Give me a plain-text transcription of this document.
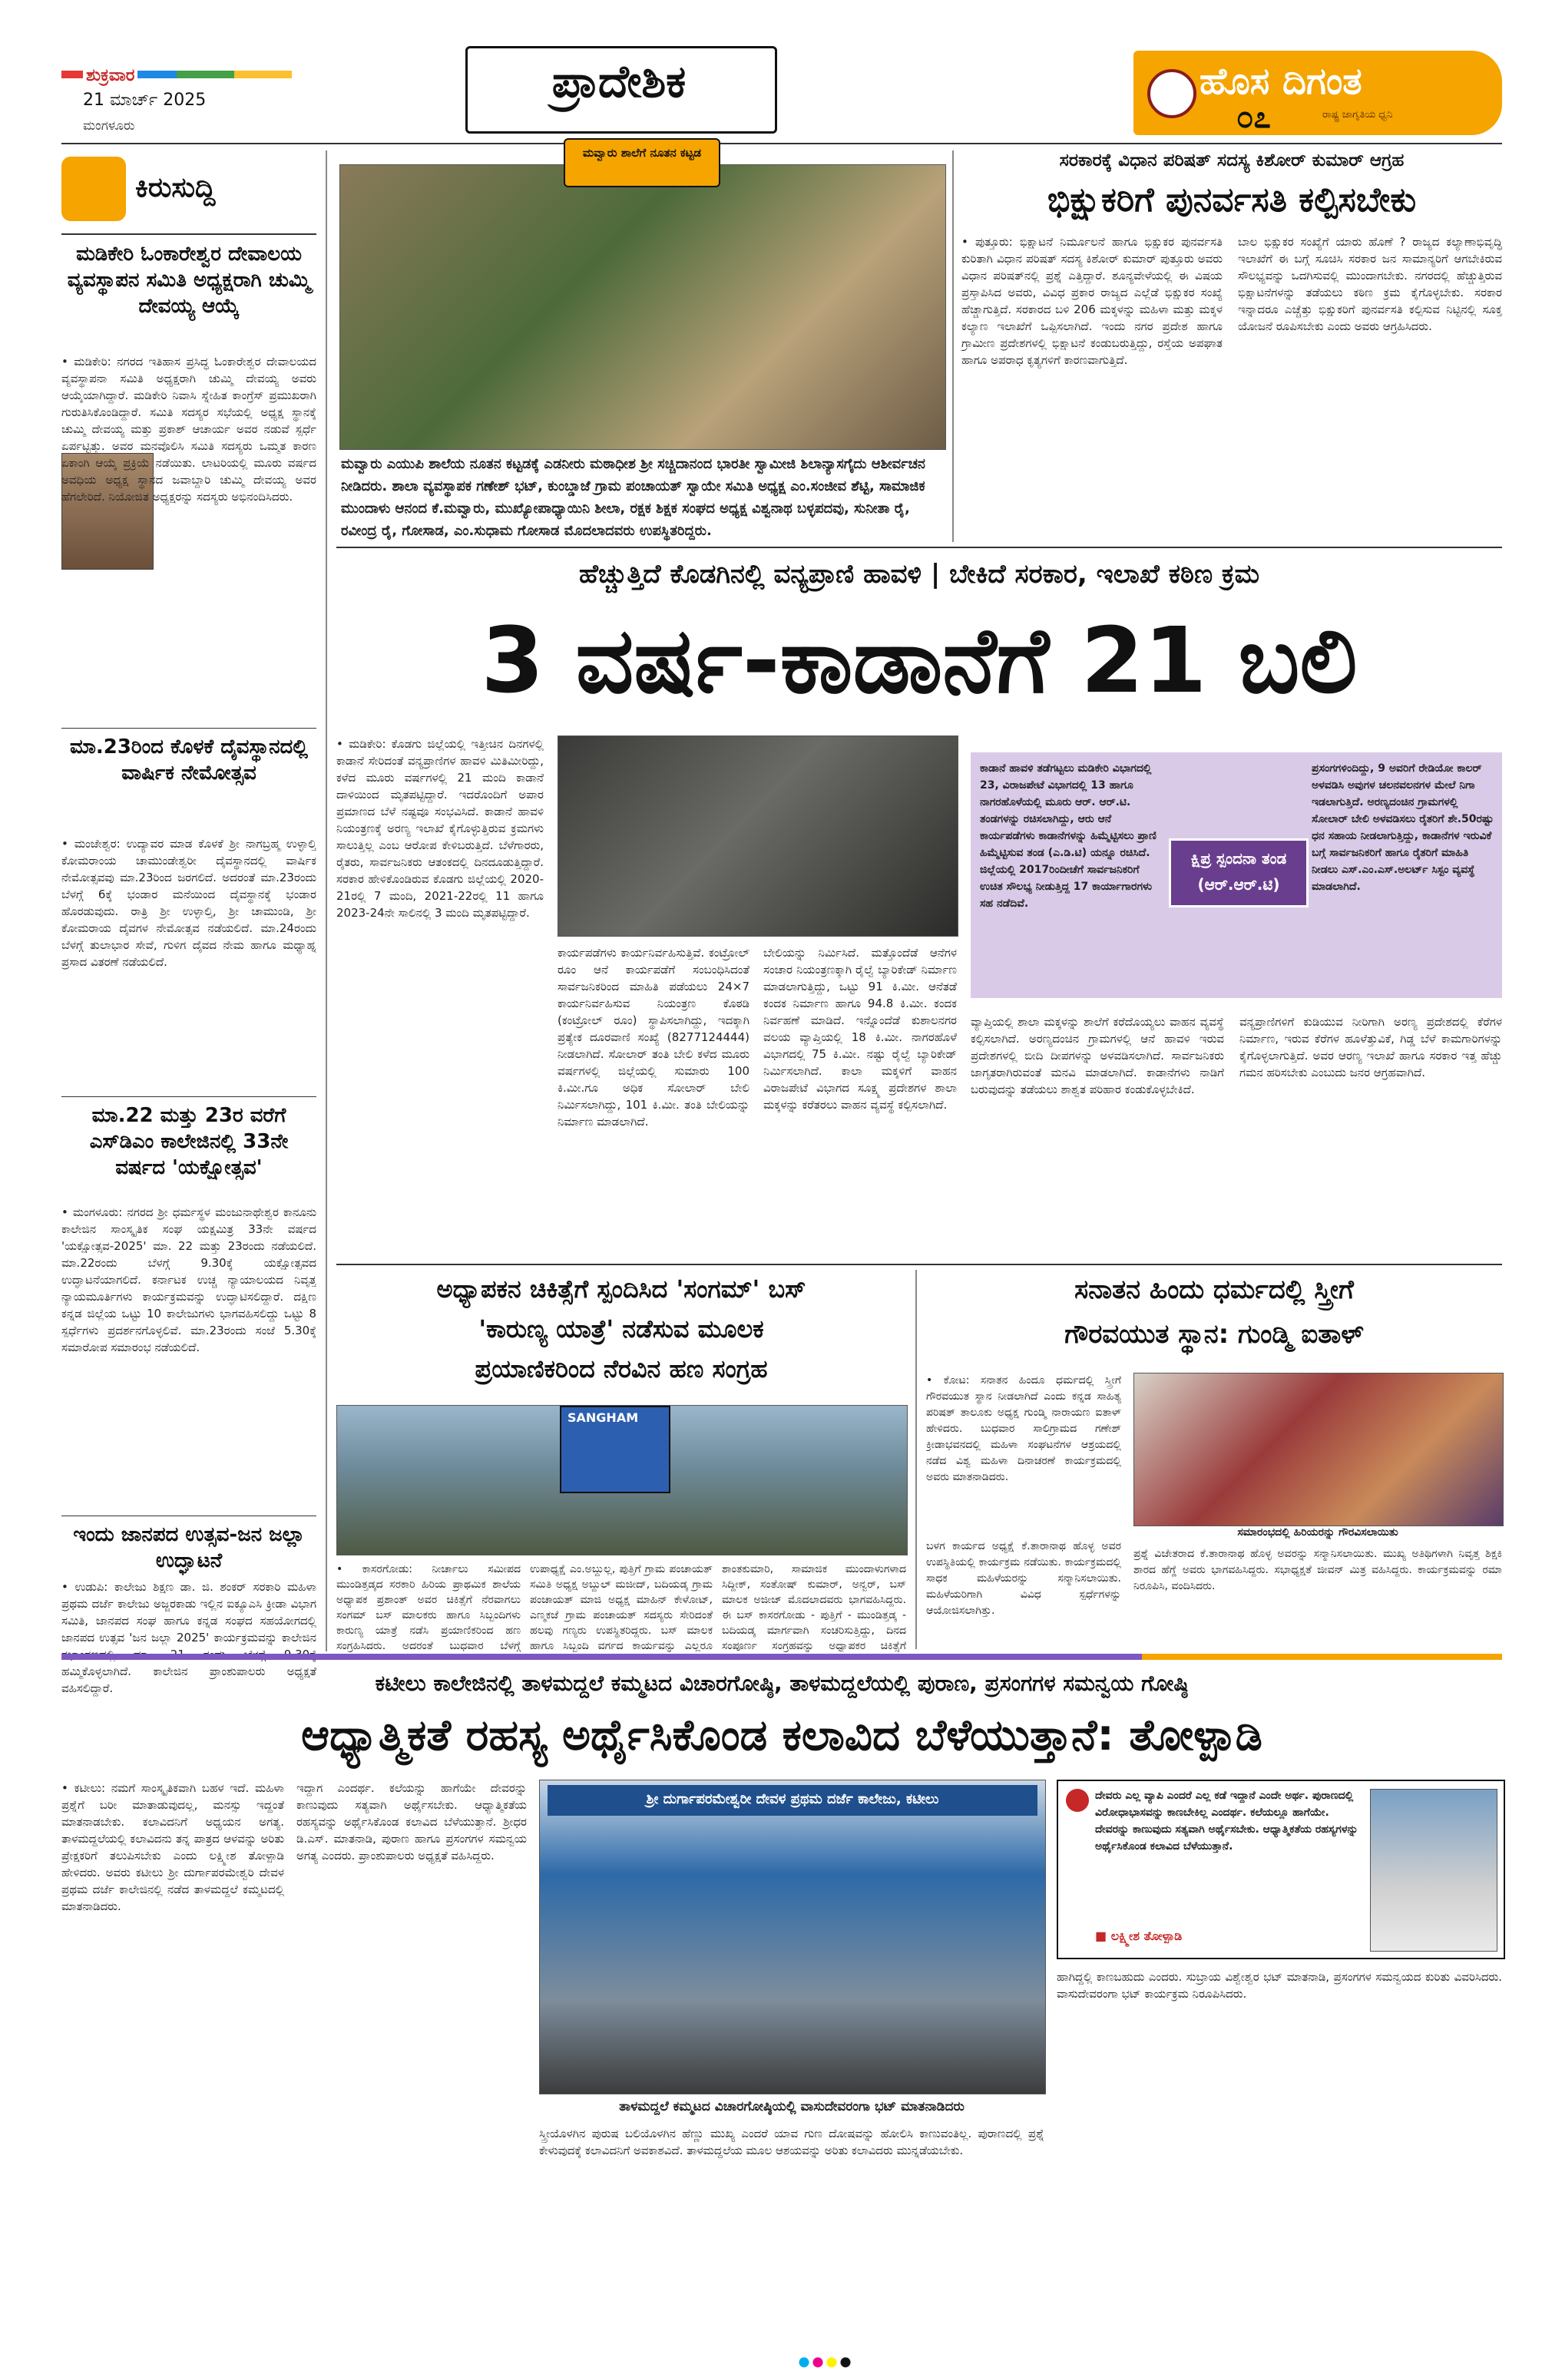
ಶುಕ್ರವಾರ
21 ಮಾರ್ಚ್ 2025
ಮಂಗಳೂರು
ಪ್ರಾದೇಶಿಕ	ಹೊಸ ದಿಗಂತ
ರಾಷ್ಟ್ರ ಜಾಗೃತಿಯ ಧ್ವನಿ
೦೭
ಕಿರುಸುದ್ದಿ
ಮಡಿಕೇರಿ ಓಂಕಾರೇಶ್ವರ ದೇವಾಲಯ ವ್ಯವಸ್ಥಾಪನ ಸಮಿತಿ ಅಧ್ಯಕ್ಷರಾಗಿ ಚುಮ್ಮಿ ದೇವಯ್ಯ ಆಯ್ಕೆ
• ಮಡಿಕೇರಿ: ನಗರದ ಇತಿಹಾಸ ಪ್ರಸಿದ್ಧ ಓಂಕಾರೇಶ್ವರ ದೇವಾಲಯದ ವ್ಯವಸ್ಥಾಪನಾ ಸಮಿತಿ ಅಧ್ಯಕ್ಷರಾಗಿ ಚುಮ್ಮಿ ದೇವಯ್ಯ ಅವರು ಆಯ್ಕೆಯಾಗಿದ್ದಾರೆ. ಮಡಿಕೇರಿ ನಿವಾಸಿ ಸ್ನೇಹಿತ ಕಾಂಗ್ರೆಸ್ ಪ್ರಮುಖರಾಗಿ ಗುರುತಿಸಿಕೊಂಡಿದ್ದಾರೆ. ಸಮಿತಿ ಸದಸ್ಯರ ಸಭೆಯಲ್ಲಿ ಅಧ್ಯಕ್ಷ ಸ್ಥಾನಕ್ಕೆ ಚುಮ್ಮಿ ದೇವಯ್ಯ ಮತ್ತು ಪ್ರಕಾಶ್ ಆಚಾರ್ಯ ಅವರ ನಡುವೆ ಸ್ಪರ್ಧೆ ಏರ್ಪಟ್ಟಿತ್ತು. ಅವರ ಮನವೊಲಿಸಿ ಸಮಿತಿ ಸದಸ್ಯರು ಒಮ್ಮತ ಕಾರಣ ಏಕಾಂಗಿ ಆಯ್ಕೆ ಪ್ರಕ್ರಿಯೆ ನಡೆಯಿತು. ಲಾಟರಿಯಲ್ಲಿ ಮೂರು ವರ್ಷದ ಅವಧಿಯ ಅಧ್ಯಕ್ಷ ಸ್ಥಾನದ ಜವಾಬ್ದಾರಿ ಚುಮ್ಮಿ ದೇವಯ್ಯ ಅವರ ಹೆಗಲೇರಿದೆ. ನಿಯೋಜಿತ ಅಧ್ಯಕ್ಷರನ್ನು ಸದಸ್ಯರು ಅಭಿನಂದಿಸಿದರು.
ಮಾ.23ರಿಂದ ಕೊಳಕೆ ದೈವಸ್ಥಾನದಲ್ಲಿ ವಾರ್ಷಿಕ ನೇಮೋತ್ಸವ
• ಮಂಜೇಶ್ವರ: ಉದ್ಯಾವರ ಮಾಡ ಕೊಳಕೆ ಶ್ರೀ ನಾಗಬ್ರಹ್ಮ ಉಳ್ಳಾಲ್ತಿ ಕೋಮರಾಂಯ ಚಾಮುಂಡೇಶ್ವರೀ ದೈವಸ್ಥಾನದಲ್ಲಿ ವಾರ್ಷಿಕ ನೇಮೋತ್ಸವವು ಮಾ.23ರಿಂದ ಜರಗಲಿದೆ. ಅದರಂತೆ ಮಾ.23ರಂದು ಬೆಳಗ್ಗೆ 6ಕ್ಕೆ ಭಂಡಾರ ಮನೆಯಿಂದ ದೈವಸ್ಥಾನಕ್ಕೆ ಭಂಡಾರ ಹೊರಡುವುದು. ರಾತ್ರಿ ಶ್ರೀ ಉಳ್ಳಾಲ್ತಿ, ಶ್ರೀ ಚಾಮುಂಡಿ, ಶ್ರೀ ಕೋಮರಾಯ ದೈವಗಳ ನೇಮೋತ್ಸವ ನಡೆಯಲಿದೆ. ಮಾ.24ರಂದು ಬೆಳಗ್ಗೆ ತುಲಾಭಾರ ಸೇವೆ, ಗುಳಿಗ ದೈವದ ನೇಮ ಹಾಗೂ ಮಧ್ಯಾಹ್ನ ಪ್ರಸಾದ ವಿತರಣೆ ನಡೆಯಲಿದೆ.
ಮಾ.22 ಮತ್ತು 23ರ ವರೆಗೆ ಎಸ್‌ಡಿಎಂ ಕಾಲೇಜಿನಲ್ಲಿ 33ನೇ ವರ್ಷದ 'ಯಕ್ಷೋತ್ಸವ'
• ಮಂಗಳೂರು: ನಗರದ ಶ್ರೀ ಧರ್ಮಸ್ಥಳ ಮಂಜುನಾಥೇಶ್ವರ ಕಾನೂನು ಕಾಲೇಜಿನ ಸಾಂಸ್ಕೃತಿಕ ಸಂಘ ಯಕ್ಷಮಿತ್ರ 33ನೇ ವರ್ಷದ 'ಯಕ್ಷೋತ್ಸವ-2025' ಮಾ. 22 ಮತ್ತು 23ರಂದು ನಡೆಯಲಿದೆ. ಮಾ.22ರಂದು ಬೆಳಗ್ಗೆ 9.30ಕ್ಕೆ ಯಕ್ಷೋತ್ಸವದ ಉದ್ಘಾಟನೆಯಾಗಲಿದೆ. ಕರ್ನಾಟಕ ಉಚ್ಚ ನ್ಯಾಯಾಲಯದ ನಿವೃತ್ತ ನ್ಯಾಯಮೂರ್ತಿಗಳು ಕಾರ್ಯಕ್ರಮವನ್ನು ಉದ್ಘಾಟಿಸಲಿದ್ದಾರೆ. ದಕ್ಷಿಣ ಕನ್ನಡ ಜಿಲ್ಲೆಯ ಒಟ್ಟು 10 ಕಾಲೇಜುಗಳು ಭಾಗವಹಿಸಲಿದ್ದು ಒಟ್ಟು 8 ಸ್ಪರ್ಧೆಗಳು ಪ್ರದರ್ಶನಗೊಳ್ಳಲಿವೆ. ಮಾ.23ರಂದು ಸಂಜೆ 5.30ಕ್ಕೆ ಸಮಾರೋಪ ಸಮಾರಂಭ ನಡೆಯಲಿದೆ.
ಇಂದು ಜಾನಪದ ಉತ್ಸವ-ಜನ ಜಲ್ಲಾ ಉದ್ಘಾಟನೆ
• ಉಡುಪಿ: ಕಾಲೇಜು ಶಿಕ್ಷಣ ಡಾ. ಜಿ. ಶಂಕರ್ ಸರಕಾರಿ ಮಹಿಳಾ ಪ್ರಥಮ ದರ್ಜೆ ಕಾಲೇಜು ಅಜ್ಜರಕಾಡು ಇಲ್ಲಿನ ಐಕ್ಯೂಎಸಿ ಕ್ರೀಡಾ ವಿಭಾಗ ಸಮಿತಿ, ಜಾನಪದ ಸಂಘ ಹಾಗೂ ಕನ್ನಡ ಸಂಘದ ಸಹಯೋಗದಲ್ಲಿ ಜಾನಪದ ಉತ್ಸವ 'ಜನ ಜಲ್ಲಾ 2025' ಕಾರ್ಯಕ್ರಮವನ್ನು ಕಾಲೇಜಿನ ಹಮ್ಮಿಕೊಳ್ಳಲಾಗಿದೆ. ಕಾಲೇಜಿನ ಪ್ರಾಂಶುಪಾಲರು ಅಧ್ಯಕ್ಷತೆ ವಹಿಸಲಿದ್ದಾರೆ.
ಮವ್ವಾರು ಶಾಲೆಗೆ ನೂತನ ಕಟ್ಟಡ
ಮವ್ವಾರು ಎಯುಪಿ ಶಾಲೆಯ ನೂತನ ಕಟ್ಟಡಕ್ಕೆ ಎಡನೀರು ಮಠಾಧೀಶ ಶ್ರೀ ಸಚ್ಚಿದಾನಂದ ಭಾರತೀ ಸ್ವಾಮೀಜಿ ಶಿಲಾನ್ಯಾಸಗೈದು ಆಶೀರ್ವಚನ ನೀಡಿದರು. ಶಾಲಾ ವ್ಯವಸ್ಥಾಪಕ ಗಣೇಶ್ ಭಟ್, ಕುಂಬ್ಡಾಜೆ ಗ್ರಾಮ ಪಂಚಾಯತ್ ಸ್ವಾಯೇ ಸಮಿತಿ ಅಧ್ಯಕ್ಷ ಎಂ.ಸಂಜೀವ ಶೆಟ್ಟಿ, ಸಾಮಾಜಿಕ ಮುಂದಾಳು ಆನಂದ ಕೆ.ಮವ್ವಾರು, ಮುಖ್ಯೋಪಾಧ್ಯಾಯಿನಿ ಶೀಲಾ, ರಕ್ಷಕ ಶಿಕ್ಷಕ ಸಂಘದ ಅಧ್ಯಕ್ಷ ವಿಶ್ವನಾಥ ಬಳ್ಳಪದವು, ಸುನೀತಾ ರೈ, ರವೀಂದ್ರ ರೈ, ಗೋಸಾಡ, ಎಂ.ಸುಧಾಮ ಗೋಸಾಡ ಮೊದಲಾದವರು ಉಪಸ್ಥಿತರಿದ್ದರು.
ಸರಕಾರಕ್ಕೆ ವಿಧಾನ ಪರಿಷತ್ ಸದಸ್ಯ ಕಿಶೋರ್ ಕುಮಾರ್ ಆಗ್ರಹ
ಭಿಕ್ಷುಕರಿಗೆ ಪುನರ್ವಸತಿ ಕಲ್ಪಿಸಬೇಕು
• ಪುತ್ತೂರು: ಭಿಕ್ಷಾಟನೆ ನಿರ್ಮೂಲನೆ ಹಾಗೂ ಭಿಕ್ಷುಕರ ಪುನರ್ವಸತಿ ಕುರಿತಾಗಿ ವಿಧಾನ ಪರಿಷತ್ ಸದಸ್ಯ ಕಿಶೋರ್ ಕುಮಾರ್ ಪುತ್ತೂರು ಅವರು ವಿಧಾನ ಪರಿಷತ್‌ನಲ್ಲಿ ಪ್ರಶ್ನೆ ಎತ್ತಿದ್ದಾರೆ. ಶೂನ್ಯವೇಳೆಯಲ್ಲಿ ಈ ವಿಷಯ ಪ್ರಸ್ತಾಪಿಸಿದ ಅವರು, ವಿವಿಧ ಪ್ರಕಾರ ರಾಜ್ಯದ ಎಲ್ಲೆಡೆ ಭಿಕ್ಷುಕರ ಸಂಖ್ಯೆ ಹೆಚ್ಚಾಗುತ್ತಿದೆ. ಸರಕಾರದ ಬಳಿ 206 ಮಕ್ಕಳನ್ನು ಮಹಿಳಾ ಮತ್ತು ಮಕ್ಕಳ ಕಲ್ಯಾಣ ಇಲಾಖೆಗೆ ಒಪ್ಪಿಸಲಾಗಿದೆ. ಇಂದು ನಗರ ಪ್ರದೇಶ ಹಾಗೂ ಗ್ರಾಮೀಣ ಪ್ರದೇಶಗಳಲ್ಲಿ ಭಿಕ್ಷಾಟನೆ ಕಂಡುಬರುತ್ತಿದ್ದು, ರಸ್ತೆಯ ಅಪಘಾತ ಹಾಗೂ ಅಪರಾಧ ಕೃತ್ಯಗಳಿಗೆ ಕಾರಣವಾಗುತ್ತಿದೆ.
ಬಾಲ ಭಿಕ್ಷುಕರ ಸಂಖ್ಯೆಗೆ ಯಾರು ಹೊಣೆ ? ರಾಜ್ಯದ ಕಲ್ಯಾಣಾಭಿವೃದ್ಧಿ ಇಲಾಖೆಗೆ ಈ ಬಗ್ಗೆ ಸೂಚಿಸಿ ಸರಕಾರ ಜನ ಸಾಮಾನ್ಯರಿಗೆ ಆಗಬೇಕಿರುವ ಸೌಲಭ್ಯವನ್ನು ಒದಗಿಸುವಲ್ಲಿ ಮುಂದಾಗಬೇಕು. ನಗರದಲ್ಲಿ ಹೆಚ್ಚುತ್ತಿರುವ ಭಿಕ್ಷಾಟನೆಗಳನ್ನು ತಡೆಯಲು ಕಠಿಣ ಕ್ರಮ ಕೈಗೊಳ್ಳಬೇಕು. ಸರಕಾರ ಇನ್ನಾದರೂ ಎಚ್ಚೆತ್ತು ಭಿಕ್ಷುಕರಿಗೆ ಪುನರ್ವಸತಿ ಕಲ್ಪಿಸುವ ನಿಟ್ಟಿನಲ್ಲಿ ಸೂಕ್ತ ಯೋಜನೆ ರೂಪಿಸಬೇಕು ಎಂದು ಅವರು ಆಗ್ರಹಿಸಿದರು.
ಹೆಚ್ಚುತ್ತಿದೆ ಕೊಡಗಿನಲ್ಲಿ ವನ್ಯಪ್ರಾಣಿ ಹಾವಳಿ | ಬೇಕಿದೆ ಸರಕಾರ, ಇಲಾಖೆ ಕಠಿಣ ಕ್ರಮ
3 ವರ್ಷ-ಕಾಡಾನೆಗೆ 21 ಬಲಿ
• ಮಡಿಕೇರಿ: ಕೊಡಗು ಜಿಲ್ಲೆಯಲ್ಲಿ ಇತ್ತೀಚಿನ ದಿನಗಳಲ್ಲಿ ಕಾಡಾನೆ ಸೇರಿದಂತೆ ವನ್ಯಪ್ರಾಣಿಗಳ ಹಾವಳಿ ಮಿತಿಮೀರಿದ್ದು, ಕಳೆದ ಮೂರು ವರ್ಷಗಳಲ್ಲಿ 21 ಮಂದಿ ಕಾಡಾನೆ ದಾಳಿಯಿಂದ ಮೃತಪಟ್ಟಿದ್ದಾರೆ. ಇದರೊಂದಿಗೆ ಅಪಾರ ಪ್ರಮಾಣದ ಬೆಳೆ ನಷ್ಟವೂ ಸಂಭವಿಸಿದೆ. ಕಾಡಾನೆ ಹಾವಳಿ ನಿಯಂತ್ರಣಕ್ಕೆ ಅರಣ್ಯ ಇಲಾಖೆ ಕೈಗೊಳ್ಳುತ್ತಿರುವ ಕ್ರಮಗಳು ಸಾಲುತ್ತಿಲ್ಲ ಎಂಬ ಆರೋಪ ಕೇಳಿಬರುತ್ತಿದೆ. ಬೆಳೆಗಾರರು, ರೈತರು, ಸಾರ್ವಜನಿಕರು ಆತಂಕದಲ್ಲಿ ದಿನದೂಡುತ್ತಿದ್ದಾರೆ. ಸರಕಾರ ಹೇಳಿಕೊಂಡಿರುವ ಕೊಡಗು ಜಿಲ್ಲೆಯಲ್ಲಿ 2020-21ರಲ್ಲಿ 7 ಮಂದಿ, 2021-22ರಲ್ಲಿ 11 ಹಾಗೂ 2023-24ನೇ ಸಾಲಿನಲ್ಲಿ 3 ಮಂದಿ ಮೃತಪಟ್ಟಿದ್ದಾರೆ.
ಕಾರ್ಯಪಡೆಗಳು ಕಾರ್ಯನಿರ್ವಹಿಸುತ್ತಿವೆ. ಕಂಟ್ರೋಲ್ ರೂಂ ಆನೆ ಕಾರ್ಯಪಡೆಗೆ ಸಂಬಂಧಿಸಿದಂತೆ ಸಾರ್ವಜನಿಕರಿಂದ ಮಾಹಿತಿ ಪಡೆಯಲು 24×7 ಕಾರ್ಯನಿರ್ವಹಿಸುವ ನಿಯಂತ್ರಣ ಕೊಠಡಿ (ಕಂಟ್ರೋಲ್ ರೂಂ) ಸ್ಥಾಪಿಸಲಾಗಿದ್ದು, ಇದಕ್ಕಾಗಿ ಪ್ರತ್ಯೇಕ ದೂರವಾಣಿ ಸಂಖ್ಯೆ (8277124444) ನೀಡಲಾಗಿದೆ. ಸೋಲಾರ್ ತಂತಿ ಬೇಲಿ ಕಳೆದ ಮೂರು ವರ್ಷಗಳಲ್ಲಿ ಜಿಲ್ಲೆಯಲ್ಲಿ ಸುಮಾರು 100 ಕಿ.ಮೀ.ಗೂ ಅಧಿಕ ಸೋಲಾರ್ ಬೇಲಿ ನಿರ್ಮಿಸಲಾಗಿದ್ದು, 101 ಕಿ.ಮೀ. ತಂತಿ ಬೇಲಿಯನ್ನು ನಿರ್ಮಾಣ ಮಾಡಲಾಗಿದೆ.
ಬೇಲಿಯನ್ನು ನಿರ್ಮಿಸಿದೆ. ಮತ್ತೊಂದೆಡೆ ಆನೆಗಳ ಸಂಚಾರ ನಿಯಂತ್ರಣಕ್ಕಾಗಿ ರೈಲ್ವೆ ಬ್ಯಾರಿಕೇಡ್ ನಿರ್ಮಾಣ ಮಾಡಲಾಗುತ್ತಿದ್ದು, ಒಟ್ಟು 91 ಕಿ.ಮೀ. ಆನೆತಡೆ ಕಂದಕ ನಿರ್ಮಾಣ ಹಾಗೂ 94.8 ಕಿ.ಮೀ. ಕಂದಕ ನಿರ್ವಹಣೆ ಮಾಡಿದೆ. ಇನ್ನೊಂದೆಡೆ ಕುಶಾಲನಗರ ವಲಯ ವ್ಯಾಪ್ತಿಯಲ್ಲಿ 18 ಕಿ.ಮೀ. ನಾಗರಹೊಳೆ ವಿಭಾಗದಲ್ಲಿ 75 ಕಿ.ಮೀ. ನಷ್ಟು ರೈಲ್ವೆ ಬ್ಯಾರಿಕೇಡ್ ನಿರ್ಮಿಸಲಾಗಿದೆ. ಕಾಲಾ ಮಕ್ಕಳಿಗೆ ವಾಹನ ವಿರಾಜಪೇಟೆ ವಿಭಾಗದ ಸೂಕ್ಷ್ಮ ಪ್ರದೇಶಗಳ ಶಾಲಾ ಮಕ್ಕಳನ್ನು ಕರೆತರಲು ವಾಹನ ವ್ಯವಸ್ಥೆ ಕಲ್ಪಿಸಲಾಗಿದೆ.
ಕಾಡಾನೆ ಹಾವಳಿ ತಡೆಗಟ್ಟಲು ಮಡಿಕೇರಿ ವಿಭಾಗದಲ್ಲಿ 23, ವಿರಾಜಪೇಟೆ ವಿಭಾಗದಲ್ಲಿ 13 ಹಾಗೂ ನಾಗರಹೊಳೆಯಲ್ಲಿ ಮೂರು ಆರ್. ಆರ್.ಟಿ. ತಂಡಗಳನ್ನು ರಚಿಸಲಾಗಿದ್ದು, ಆರು ಆನೆ ಕಾರ್ಯಪಡೆಗಳು ಕಾಡಾನೆಗಳನ್ನು ಹಿಮ್ಮೆಟ್ಟಿಸಲು ಪ್ರಾಣಿ ಹಿಮ್ಮೆಟ್ಟಿಸುವ ತಂಡ (ಎ.ಡಿ.ಟಿ) ಯನ್ನೂ ರಚಿಸಿದೆ. ಜಿಲ್ಲೆಯಲ್ಲಿ 2017ರಿಂದೀಚೆಗೆ ಸಾರ್ವಜನಿಕರಿಗೆ ಉಚಿತ ಸೌಲಭ್ಯ ನೀಡುತ್ತಿದ್ದ 17 ಕಾರ್ಯಾಗಾರಗಳು ಸಹ ನಡೆದಿವೆ.
ಕ್ಷಿಪ್ರ ಸ್ಪಂದನಾ ತಂಡ (ಆರ್.ಆರ್.ಟಿ)
ಪ್ರಸಂಗಗಳಿಂದಿದ್ದು, 9 ಅವರಿಗೆ ರೇಡಿಯೋ ಕಾಲರ್ ಅಳವಡಿಸಿ ಅವುಗಳ ಚಲನವಲನಗಳ ಮೇಲೆ ನಿಗಾ ಇಡಲಾಗುತ್ತಿದೆ. ಅರಣ್ಯದಂಚಿನ ಗ್ರಾಮಗಳಲ್ಲಿ ಸೋಲಾರ್ ಬೇಲಿ ಅಳವಡಿಸಲು ರೈತರಿಗೆ ಶೇ.50ರಷ್ಟು ಧನ ಸಹಾಯ ನೀಡಲಾಗುತ್ತಿದ್ದು, ಕಾಡಾನೆಗಳ ಇರುವಿಕೆ ಬಗ್ಗೆ ಸಾರ್ವಜನಿಕರಿಗೆ ಹಾಗೂ ರೈತರಿಗೆ ಮಾಹಿತಿ ನೀಡಲು ಎಸ್.ಎಂ.ಎಸ್.ಅಲರ್ಟ್ ಸಿಸ್ಟಂ ವ್ಯವಸ್ಥೆ ಮಾಡಲಾಗಿದೆ.
ವ್ಯಾಪ್ತಿಯಲ್ಲಿ ಶಾಲಾ ಮಕ್ಕಳನ್ನು ಶಾಲೆಗೆ ಕರೆದೊಯ್ಯಲು ವಾಹನ ವ್ಯವಸ್ಥೆ ಕಲ್ಪಿಸಲಾಗಿದೆ. ಅರಣ್ಯದಂಚಿನ ಗ್ರಾಮಗಳಲ್ಲಿ ಆನೆ ಹಾವಳಿ ಇರುವ ಪ್ರದೇಶಗಳಲ್ಲಿ ಬೀದಿ ದೀಪಗಳನ್ನು ಅಳವಡಿಸಲಾಗಿದೆ. ಸಾರ್ವಜನಿಕರು ಜಾಗೃತರಾಗಿರುವಂತೆ ಮನವಿ ಮಾಡಲಾಗಿದೆ. ಕಾಡಾನೆಗಳು ನಾಡಿಗೆ ಬರುವುದನ್ನು ತಡೆಯಲು ಶಾಶ್ವತ ಪರಿಹಾರ ಕಂಡುಕೊಳ್ಳಬೇಕಿದೆ.
ವನ್ಯಪ್ರಾಣಿಗಳಿಗೆ ಕುಡಿಯುವ ನೀರಿಗಾಗಿ ಅರಣ್ಯ ಪ್ರದೇಶದಲ್ಲಿ ಕೆರೆಗಳ ನಿರ್ಮಾಣ, ಇರುವ ಕೆರೆಗಳ ಹೂಳೆತ್ತುವಿಕೆ, ಗಿಡ್ಡ ಬೆಳೆ ಕಾಮಗಾರಿಗಳನ್ನು ಕೈಗೊಳ್ಳಲಾಗುತ್ತಿದೆ. ಅವರ ಆರಣ್ಯ ಇಲಾಖೆ ಹಾಗೂ ಸರಕಾರ ಇತ್ತ ಹೆಚ್ಚು ಗಮನ ಹರಿಸಬೇಕು ಎಂಬುದು ಜನರ ಆಗ್ರಹವಾಗಿದೆ.
ಅಧ್ಯಾಪಕನ ಚಿಕಿತ್ಸೆಗೆ ಸ್ಪಂದಿಸಿದ 'ಸಂಗಮ್' ಬಸ್
'ಕಾರುಣ್ಯ ಯಾತ್ರೆ' ನಡೆಸುವ ಮೂಲಕ
ಪ್ರಯಾಣಿಕರಿಂದ ನೆರವಿನ ಹಣ ಸಂಗ್ರಹ
SANGHAM
• ಕಾಸರಗೋಡು: ನೀರ್ಚಾಲು ಸಮೀಪದ ಮುಂಡಿತ್ತಡ್ಕದ ಸರಕಾರಿ ಹಿರಿಯ ಪ್ರಾಥಮಿಕ ಶಾಲೆಯ ಅಧ್ಯಾಪಕ ಪ್ರಶಾಂತ್ ಅವರ ಚಿಕಿತ್ಸೆಗೆ ನೆರವಾಗಲು ಸಂಗಮ್ ಬಸ್ ಮಾಲಕರು ಹಾಗೂ ಸಿಬ್ಬಂದಿಗಳು ಕಾರುಣ್ಯ ಯಾತ್ರೆ ನಡೆಸಿ ಪ್ರಯಾಣಿಕರಿಂದ ಹಣ ಸಂಗ್ರಹಿಸಿದರು. ಅದರಂತೆ ಬುಧವಾರ ಬೆಳಗ್ಗೆ
ಉಪಾಧ್ಯಕ್ಷೆ ಎಂ.ಅಬ್ದುಲ್ಲ, ಪುತ್ತಿಗೆ ಗ್ರಾಮ ಪಂಚಾಯತ್ ಸಮಿತಿ ಅಧ್ಯಕ್ಷ ಅಬ್ದುಲ್ ಮಜೀದ್, ಬದಿಯಡ್ಕ ಗ್ರಾಮ ಪಂಚಾಯತ್ ಮಾಜಿ ಅಧ್ಯಕ್ಷ ಮಾಹಿನ್ ಕೇಳೋಟ್, ಎಣ್ಮಕಜೆ ಗ್ರಾಮ ಪಂಚಾಯತ್ ಸದಸ್ಯರು ಸೇರಿದಂತೆ ಹಲವು ಗಣ್ಯರು ಉಪಸ್ಥಿತರಿದ್ದರು. ಬಸ್ ಮಾಲಕ ಹಾಗೂ ಸಿಬ್ಬಂದಿ ವರ್ಗದ ಕಾರ್ಯವನ್ನು ಎಲ್ಲರೂ
ಶಾಂತಕುಮಾರಿ, ಸಾಮಾಜಿಕ ಮುಂದಾಳುಗಳಾದ ಸಿದ್ದೀಕ್, ಸಂತೋಷ್ ಕುಮಾರ್, ಅನ್ವರ್, ಬಸ್ ಮಾಲಕ ಅಜೀಜ್ ಮೊದಲಾದವರು ಭಾಗವಹಿಸಿದ್ದರು. ಈ ಬಸ್ ಕಾಸರಗೋಡು - ಪುತ್ತಿಗೆ - ಮುಂಡಿತ್ತಡ್ಕ - ಬದಿಯಡ್ಕ ಮಾರ್ಗವಾಗಿ ಸಂಚರಿಸುತ್ತಿದ್ದು, ದಿನದ ಸಂಪೂರ್ಣ ಸಂಗ್ರಹವನ್ನು ಅಧ್ಯಾಪಕರ ಚಿಕಿತ್ಸೆಗೆ
ಸನಾತನ ಹಿಂದು ಧರ್ಮದಲ್ಲಿ ಸ್ತ್ರೀಗೆ
ಗೌರವಯುತ ಸ್ಥಾನ: ಗುಂಡ್ಮಿ ಐತಾಳ್
• ಕೋಟ: ಸನಾತನ ಹಿಂದೂ ಧರ್ಮದಲ್ಲಿ ಸ್ತ್ರೀಗೆ ಗೌರವಯುತ ಸ್ಥಾನ ನೀಡಲಾಗಿದೆ ಎಂದು ಕನ್ನಡ ಸಾಹಿತ್ಯ ಪರಿಷತ್ ತಾಲೂಕು ಅಧ್ಯಕ್ಷ ಗುಂಡ್ಮಿ ನಾರಾಯಣ ಐತಾಳ್ ಹೇಳಿದರು. ಬುಧವಾರ ಸಾಲಿಗ್ರಾಮದ ಗಣೇಶ್ ಕ್ರೀಡಾಭವನದಲ್ಲಿ ಮಹಿಳಾ ಸಂಘಟನೆಗಳ ಆಶ್ರಯದಲ್ಲಿ ನಡೆದ ವಿಶ್ವ ಮಹಿಳಾ ದಿನಾಚರಣೆ ಕಾರ್ಯಕ್ರಮದಲ್ಲಿ ಅವರು ಮಾತನಾಡಿದರು.
ಸಮಾರಂಭದಲ್ಲಿ ಹಿರಿಯರನ್ನು ಗೌರವಿಸಲಾಯಿತು
ಬಳಗ ಕಾರ್ಯದ ಅಧ್ಯಕ್ಷೆ ಕೆ.ತಾರಾನಾಥ ಹೊಳ್ಳ ಅವರ ಉಪಸ್ಥಿತಿಯಲ್ಲಿ ಕಾರ್ಯಕ್ರಮ ನಡೆಯಿತು. ಕಾರ್ಯಕ್ರಮದಲ್ಲಿ ಸಾಧಕ ಮಹಿಳೆಯರನ್ನು ಸನ್ಮಾನಿಸಲಾಯಿತು. ಮಹಿಳೆಯರಿಗಾಗಿ ವಿವಿಧ ಸ್ಪರ್ಧೆಗಳನ್ನು ಆಯೋಜಿಸಲಾಗಿತ್ತು.
ಪ್ರಶ್ನೆ ವಿಜೇತರಾದ ಕೆ.ತಾರಾನಾಥ ಹೊಳ್ಳ ಅವರನ್ನು ಸನ್ಮಾನಿಸಲಾಯಿತು. ಮುಖ್ಯ ಅತಿಥಿಗಳಾಗಿ ನಿವೃತ್ತ ಶಿಕ್ಷಕಿ ಶಾರದ ಹೆಗ್ಡೆ ಅವರು ಭಾಗವಹಿಸಿದ್ದರು. ಸಭಾಧ್ಯಕ್ಷತೆ ಜೀವನ್ ಮಿತ್ರ ವಹಿಸಿದ್ದರು. ಕಾರ್ಯಕ್ರಮವನ್ನು ರಮಾ ನಿರೂಪಿಸಿ, ವಂದಿಸಿದರು.
ಕಟೀಲು ಕಾಲೇಜಿನಲ್ಲಿ ತಾಳಮದ್ದಲೆ ಕಮ್ಮಟದ ವಿಚಾರಗೋಷ್ಠಿ, ತಾಳಮದ್ದಲೆಯಲ್ಲಿ ಪುರಾಣ, ಪ್ರಸಂಗಗಳ ಸಮನ್ವಯ ಗೋಷ್ಠಿ
ಆಧ್ಯಾತ್ಮಿಕತೆ ರಹಸ್ಯ ಅರ್ಥೈಸಿಕೊಂಡ ಕಲಾವಿದ ಬೆಳೆಯುತ್ತಾನೆ: ತೋಳ್ಪಾಡಿ
• ಕಟೀಲು: ನಮಗೆ ಸಾಂಸ್ಕೃತಿಕವಾಗಿ ಬಹಳ ಇದೆ. ಮಹಿಳಾ ಪ್ರಶ್ನೆಗೆ ಬರೀ ಮಾತಾಡುವುದಲ್ಲ, ಮನಸ್ಸು ಇದ್ದಂತೆ ಮಾತನಾಡಬೇಕು. ಕಲಾವಿದನಿಗೆ ಅಧ್ಯಯನ ಅಗತ್ಯ. ತಾಳಮದ್ದಲೆಯಲ್ಲಿ ಕಲಾವಿದನು ತನ್ನ ಪಾತ್ರದ ಆಳವನ್ನು ಅರಿತು ಪ್ರೇಕ್ಷಕರಿಗೆ ತಲುಪಿಸಬೇಕು ಎಂದು ಲಕ್ಷ್ಮೀಶ ತೋಳ್ಪಾಡಿ ಹೇಳಿದರು. ಅವರು ಕಟೀಲು ಶ್ರೀ ದುರ್ಗಾಪರಮೇಶ್ವರಿ ದೇವಳ ಪ್ರಥಮ ದರ್ಜೆ ಕಾಲೇಜಿನಲ್ಲಿ ನಡೆದ ತಾಳಮದ್ದಲೆ ಕಮ್ಮಟದಲ್ಲಿ ಮಾತನಾಡಿದರು.
ಇದ್ದಾಗ ಎಂದರ್ಥ. ಕಲೆಯನ್ನು ಹಾಗೆಯೇ ದೇವರನ್ನು ಕಾಣುವುದು ಸತ್ಯವಾಗಿ ಅರ್ಥೈಸಬೇಕು. ಆಧ್ಯಾತ್ಮಿಕತೆಯ ರಹಸ್ಯವನ್ನು ಅರ್ಥೈಸಿಕೊಂಡ ಕಲಾವಿದ ಬೆಳೆಯುತ್ತಾನೆ. ಶ್ರೀಧರ ಡಿ.ಎಸ್. ಮಾತನಾಡಿ, ಪುರಾಣ ಹಾಗೂ ಪ್ರಸಂಗಗಳ ಸಮನ್ವಯ ಅಗತ್ಯ ಎಂದರು. ಪ್ರಾಂಶುಪಾಲರು ಅಧ್ಯಕ್ಷತೆ ವಹಿಸಿದ್ದರು.
ಶ್ರೀ ದುರ್ಗಾಪರಮೇಶ್ವರೀ ದೇವಳ ಪ್ರಥಮ ದರ್ಜೆ ಕಾಲೇಜು, ಕಟೀಲು
ತಾಳಮದ್ದಲೆ ಕಮ್ಮಟದ ವಿಚಾರಗೋಷ್ಠಿಯಲ್ಲಿ ವಾಸುದೇವರಂಗಾ ಭಟ್ ಮಾತನಾಡಿದರು
ಸ್ತ್ರೀಯೊಳಗಿನ ಪುರುಷ ಬಲಿಯೊಳಗಿನ ಹೆಣ್ಣು ಮುಖ್ಯ ಎಂದರೆ ಯಾವ ಗುಣ ದೋಷವನ್ನು ಹೋಲಿಸಿ ಕಾಣುವಂತಿಲ್ಲ. ಪುರಾಣದಲ್ಲಿ ಪ್ರಶ್ನೆ ಕೇಳುವುದಕ್ಕೆ ಕಲಾವಿದನಿಗೆ ಅವಕಾಶವಿದೆ. ತಾಳಮದ್ದಲೆಯ ಮೂಲ ಆಶಯವನ್ನು ಅರಿತು ಕಲಾವಿದರು ಮುನ್ನಡೆಯಬೇಕು.
ದೇವರು ಎಲ್ಲ ವ್ಯಾಪಿ ಎಂದರೆ ಎಲ್ಲ ಕಡೆ ಇದ್ದಾನೆ ಎಂದೇ ಅರ್ಥ. ಪುರಾಣದಲ್ಲಿ ವಿರೋಧಾಭಾಸವನ್ನು ಕಾಣಬೇಕಿಲ್ಲ ಎಂದರ್ಥ. ಕಲೆಯಲ್ಲೂ ಹಾಗೆಯೇ. ದೇವರನ್ನು ಕಾಣುವುದು ಸತ್ಯವಾಗಿ ಅರ್ಥೈಸಬೇಕು. ಆಧ್ಯಾತ್ಮಿಕತೆಯ ರಹಸ್ಯಗಳನ್ನು ಅರ್ಥೈಸಿಕೊಂಡ ಕಲಾವಿದ ಬೆಳೆಯುತ್ತಾನೆ.
■ ಲಕ್ಷ್ಮೀಶ ತೋಳ್ಪಾಡಿ
ಹಾಗಿದ್ದಲ್ಲಿ ಕಾಣಬಹುದು ಎಂದರು. ಸುಬ್ರಾಯ ವಿಶ್ವೇಶ್ವರ ಭಟ್ ಮಾತನಾಡಿ, ಪ್ರಸಂಗಗಳ ಸಮನ್ವಯದ ಕುರಿತು ವಿವರಿಸಿದರು. ವಾಸುದೇವರಂಗಾ ಭಟ್ ಕಾರ್ಯಕ್ರಮ ನಿರೂಪಿಸಿದರು.
